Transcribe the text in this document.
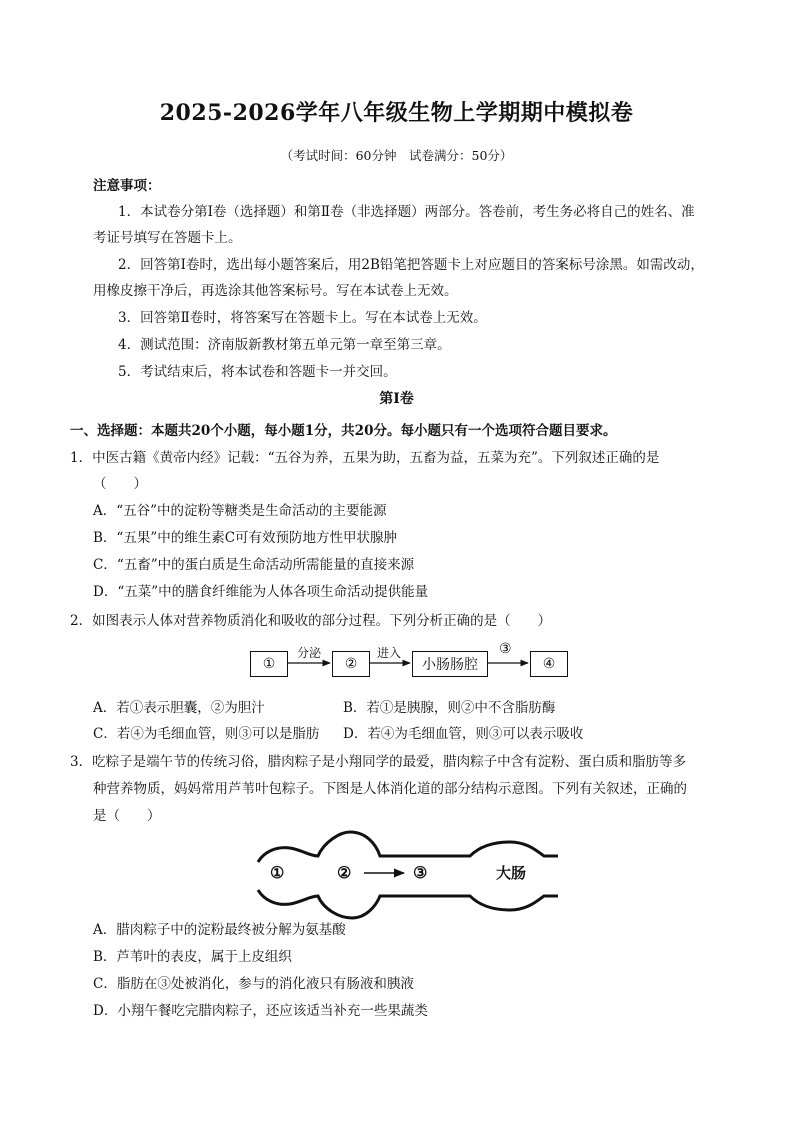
2025-2026学年八年级生物上学期期中模拟卷
（考试时间：60分钟　试卷满分：50分）
注意事项：
1．本试卷分第Ⅰ卷（选择题）和第Ⅱ卷（非选择题）两部分。答卷前，考生务必将自己的姓名、准
考证号填写在答题卡上。
2．回答第Ⅰ卷时，选出每小题答案后，用2B铅笔把答题卡上对应题目的答案标号涂黑。如需改动，
用橡皮擦干净后，再选涂其他答案标号。写在本试卷上无效。
3．回答第Ⅱ卷时，将答案写在答题卡上。写在本试卷上无效。
4．测试范围：济南版新教材第五单元第一章至第三章。
5．考试结束后，将本试卷和答题卡一并交回。
第Ⅰ卷
一、选择题：本题共20个小题，每小题1分，共20分。每小题只有一个选项符合题目要求。
1．中医古籍《黄帝内经》记载：“五谷为养，五果为助，五畜为益，五菜为充”。下列叙述正确的是
（　　）
A．“五谷”中的淀粉等糖类是生命活动的主要能源
B．“五果”中的维生素C可有效预防地方性甲状腺肿
C．“五畜”中的蛋白质是生命活动所需能量的直接来源
D．“五菜”中的膳食纤维能为人体各项生命活动提供能量
2．如图表示人体对营养物质消化和吸收的部分过程。下列分析正确的是（　　）
①	②	小肠肠腔	④
分泌	进入	③
A．若①表示胆囊，②为胆汁	B．若①是胰腺，则②中不含脂肪酶
C．若④为毛细血管，则③可以是脂肪 D．若④为毛细血管，则③可以表示吸收
3．吃粽子是端午节的传统习俗，腊肉粽子是小翔同学的最爱，腊肉粽子中含有淀粉、蛋白质和脂肪等多
种营养物质，妈妈常用芦苇叶包粽子。下图是人体消化道的部分结构示意图。下列有关叙述，正确的
是（　　）
①	②	③	大肠
A．腊肉粽子中的淀粉最终被分解为氨基酸
B．芦苇叶的表皮，属于上皮组织
C．脂肪在③处被消化，参与的消化液只有肠液和胰液
D．小翔午餐吃完腊肉粽子，还应该适当补充一些果蔬类
